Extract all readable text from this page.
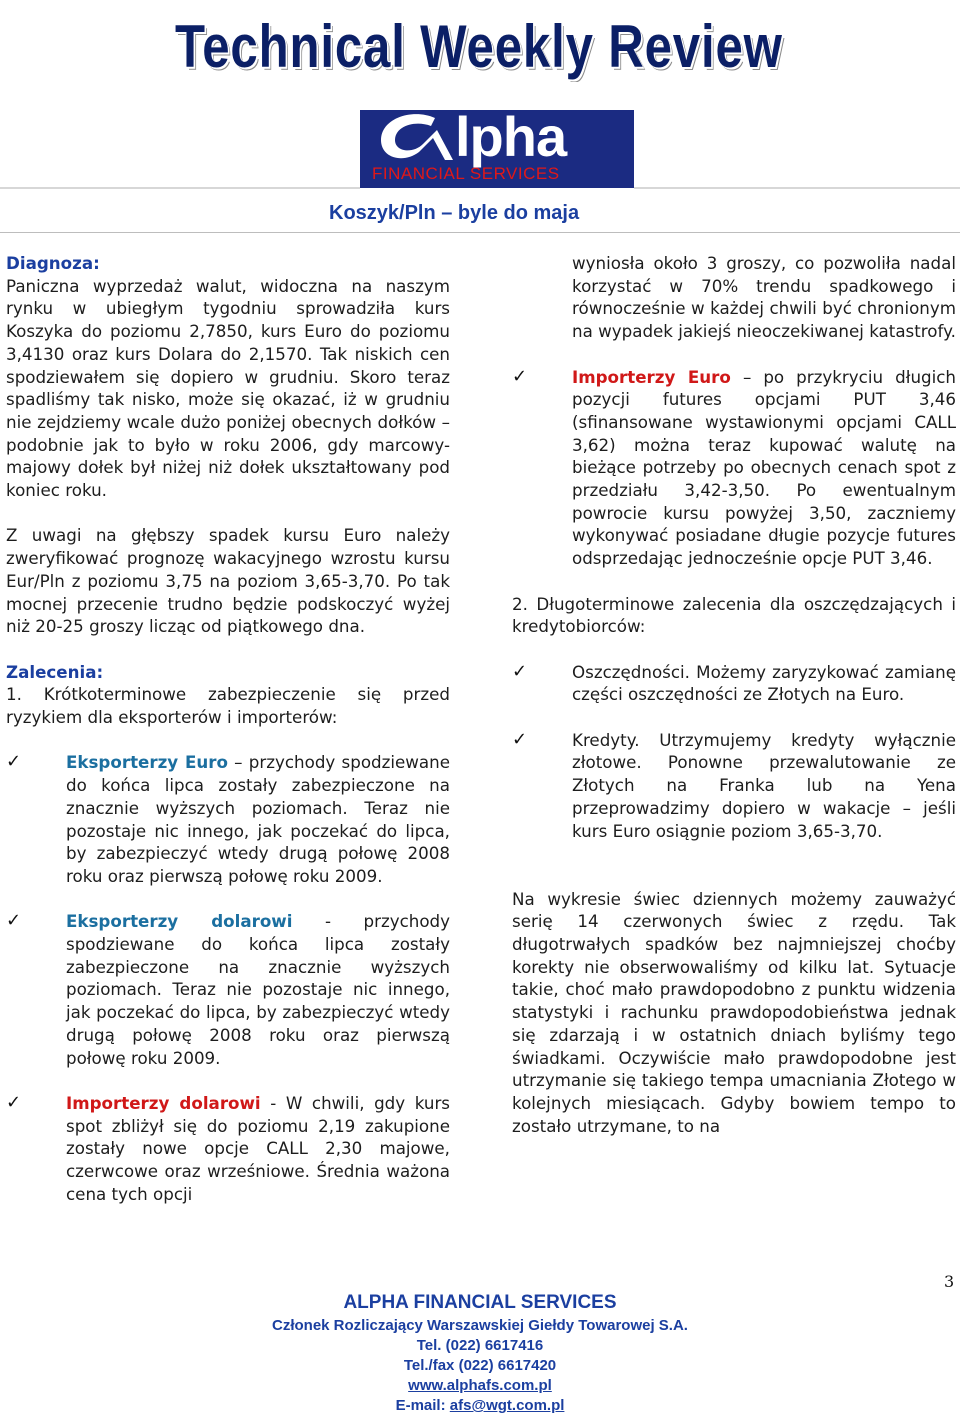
Technical Weekly Review
lpha
FINANCIAL SERVICES
Koszyk/Pln – byle do maja
Diagnoza:

Paniczna wyprzedaż walut, widoczna na naszym rynku w ubiegłym tygodniu sprowadziła kurs Koszyka do poziomu 2,7850, kurs Euro do poziomu 3,4130 oraz kurs Dolara do 2,1570. Tak niskich cen spodziewałem się dopiero w grudniu. Skoro teraz spadliśmy tak nisko, może się okazać, iż w grudniu nie zejdziemy wcale dużo poniżej obecnych dołków – podobnie jak to było w roku 2006, gdy marcowy-majowy dołek był niżej niż dołek ukształtowany pod koniec roku.

Z uwagi na głębszy spadek kursu Euro należy zweryfikować prognozę wakacyjnego wzrostu kursu Eur/Pln z poziomu 3,75 na poziom 3,65-3,70. Po tak mocnej przecenie trudno będzie podskoczyć wyżej niż 20-25 groszy licząc od piątkowego dna.

Zalecenia:

1. Krótkoterminowe zabezpieczenie się przed ryzykiem dla eksporterów i importerów:

✓	Eksporterzy Euro – przychody spodziewane do końca lipca zostały zabezpieczone na znacznie wyższych poziomach. Teraz nie pozostaje nic innego, jak poczekać do lipca, by zabezpieczyć wtedy drugą połowę 2008 roku oraz pierwszą połowę roku 2009.

✓	Eksporterzy dolarowi - przychody spodziewane do końca lipca zostały zabezpieczone na znacznie wyższych poziomach. Teraz nie pozostaje nic innego, jak poczekać do lipca, by zabezpieczyć wtedy drugą połowę 2008 roku oraz pierwszą połowę roku 2009.

✓	Importerzy dolarowi - W chwili, gdy kurs spot zbliżył się do poziomu 2,19 zakupione zostały nowe opcje CALL 2,30 majowe, czerwcowe oraz wrześniowe. Średnia ważona cena tych opcji

wyniosła około 3 groszy, co pozwoliła nadal korzystać w 70% trendu spadkowego i równocześnie w każdej chwili być chronionym na wypadek jakiejś nieoczekiwanej katastrofy.

✓	Importerzy Euro – po przykryciu długich pozycji futures opcjami PUT 3,46 (sfinansowane wystawionymi opcjami CALL 3,62) można teraz kupować walutę na bieżące potrzeby po obecnych cenach spot z przedziału 3,42-3,50. Po ewentualnym powrocie kursu powyżej 3,50, zaczniemy wykonywać posiadane długie pozycje futures odsprzedając jednocześnie opcje PUT 3,46.

2. Długoterminowe zalecenia dla oszczędzających i kredytobiorców:

✓	Oszczędności. Możemy zaryzykować zamianę części oszczędności ze Złotych na Euro.

✓	Kredyty. Utrzymujemy kredyty wyłącznie złotowe. Ponowne przewalutowanie ze Złotych na Franka lub na Yena przeprowadzimy dopiero w wakacje – jeśli kurs Euro osiągnie poziom 3,65-3,70.

Na wykresie świec dziennych możemy zauważyć serię 14 czerwonych świec z rzędu. Tak długotrwałych spadków bez najmniejszej choćby korekty nie obserwowaliśmy od kilku lat. Sytuacje takie, choć mało prawdopodobno z punktu widzenia statystyki i rachunku prawdopodobieństwa jednak się zdarzają i w ostatnich dniach byliśmy tego świadkami. Oczywiście mało prawdopodobne jest utrzymanie się takiego tempa umacniania Złotego w kolejnych miesiącach. Gdyby bowiem tempo to zostało utrzymane, to na

3
ALPHA FINANCIAL SERVICES
Członek Rozliczający Warszawskiej Giełdy Towarowej S.A.
Tel. (022) 6617416
Tel./fax (022) 6617420
www.alphafs.com.pl
E-mail: afs@wgt.com.pl
